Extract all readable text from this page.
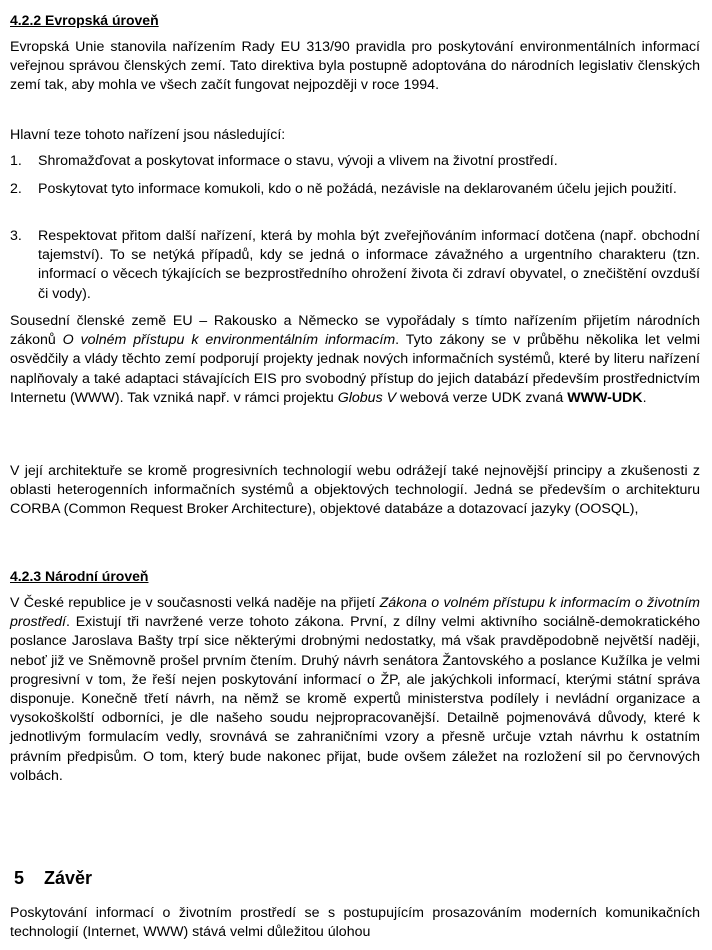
4.2.2 Evropská úroveň

Evropská Unie stanovila nařízením Rady EU 313/90 pravidla pro poskytování environmentálních informací veřejnou správou členských zemí. Tato direktiva byla postupně adoptována do národních legislativ členských zemí tak, aby mohla ve všech začít fungovat nejpozději v roce 1994.

Hlavní teze tohoto nařízení jsou následující:

1. Shromažďovat a poskytovat informace o stavu, vývoji a vlivem na životní prostředí.
2. Poskytovat tyto informace komukoli, kdo o ně požádá, nezávisle na deklarovaném účelu jejich použití.
3. Respektovat přitom další nařízení, která by mohla být zveřejňováním informací dotčena (např. obchodní tajemství). To se netýká případů, kdy se jedná o informace závažného a urgentního charakteru (tzn. informací o věcech týkajících se bezprostředního ohrožení života či zdraví obyvatel, o znečištění ovzduší či vody).

Sousední členské země EU – Rakousko a Německo se vypořádaly s tímto nařízením přijetím národních zákonů O volném přístupu k environmentálním informacím. Tyto zákony se v průběhu několika let velmi osvědčily a vlády těchto zemí podporují projekty jednak nových informačních systémů, které by literu nařízení naplňovaly a také adaptaci stávajících EIS pro svobodný přístup do jejich databází především prostřednictvím Internetu (WWW). Tak vzniká např. v rámci projektu Globus V webová verze UDK zvaná WWW-UDK.

V její architektuře se kromě progresivních technologií webu odrážejí také nejnovější principy a zkušenosti z oblasti heterogenních informačních systémů a objektových technologií. Jedná se především o architekturu CORBA (Common Request Broker Architecture), objektové databáze a dotazovací jazyky (OOSQL),

4.2.3 Národní úroveň

V České republice je v současnosti velká naděje na přijetí Zákona o volném přístupu k informacím o životním prostředí. Existují tři navržené verze tohoto zákona. První, z dílny velmi aktivního sociálně-demokratického poslance Jaroslava Bašty trpí sice některými drobnými nedostatky, má však pravděpodobně největší naději, neboť již ve Sněmovně prošel prvním čtením. Druhý návrh senátora Žantovského a poslance Kužílka je velmi progresivní v tom, že řeší nejen poskytování informací o ŽP, ale jakýchkoli informací, kterými státní správa disponuje. Konečně třetí návrh, na němž se kromě expertů ministerstva podílely i nevládní organizace a vysokoškolští odborníci, je dle našeho soudu nejpropracovanější. Detailně pojmenovává důvody, které k jednotlivým formulacím vedly, srovnává se zahraničními vzory a přesně určuje vztah návrhu k ostatním právním předpisům. O tom, který bude nakonec přijat, bude ovšem záležet na rozložení sil po červnových volbách.

5 Závěr

Poskytování informací o životním prostředí se s postupujícím prosazováním moderních komunikačních technologií (Internet, WWW) stává velmi důležitou úlohou
